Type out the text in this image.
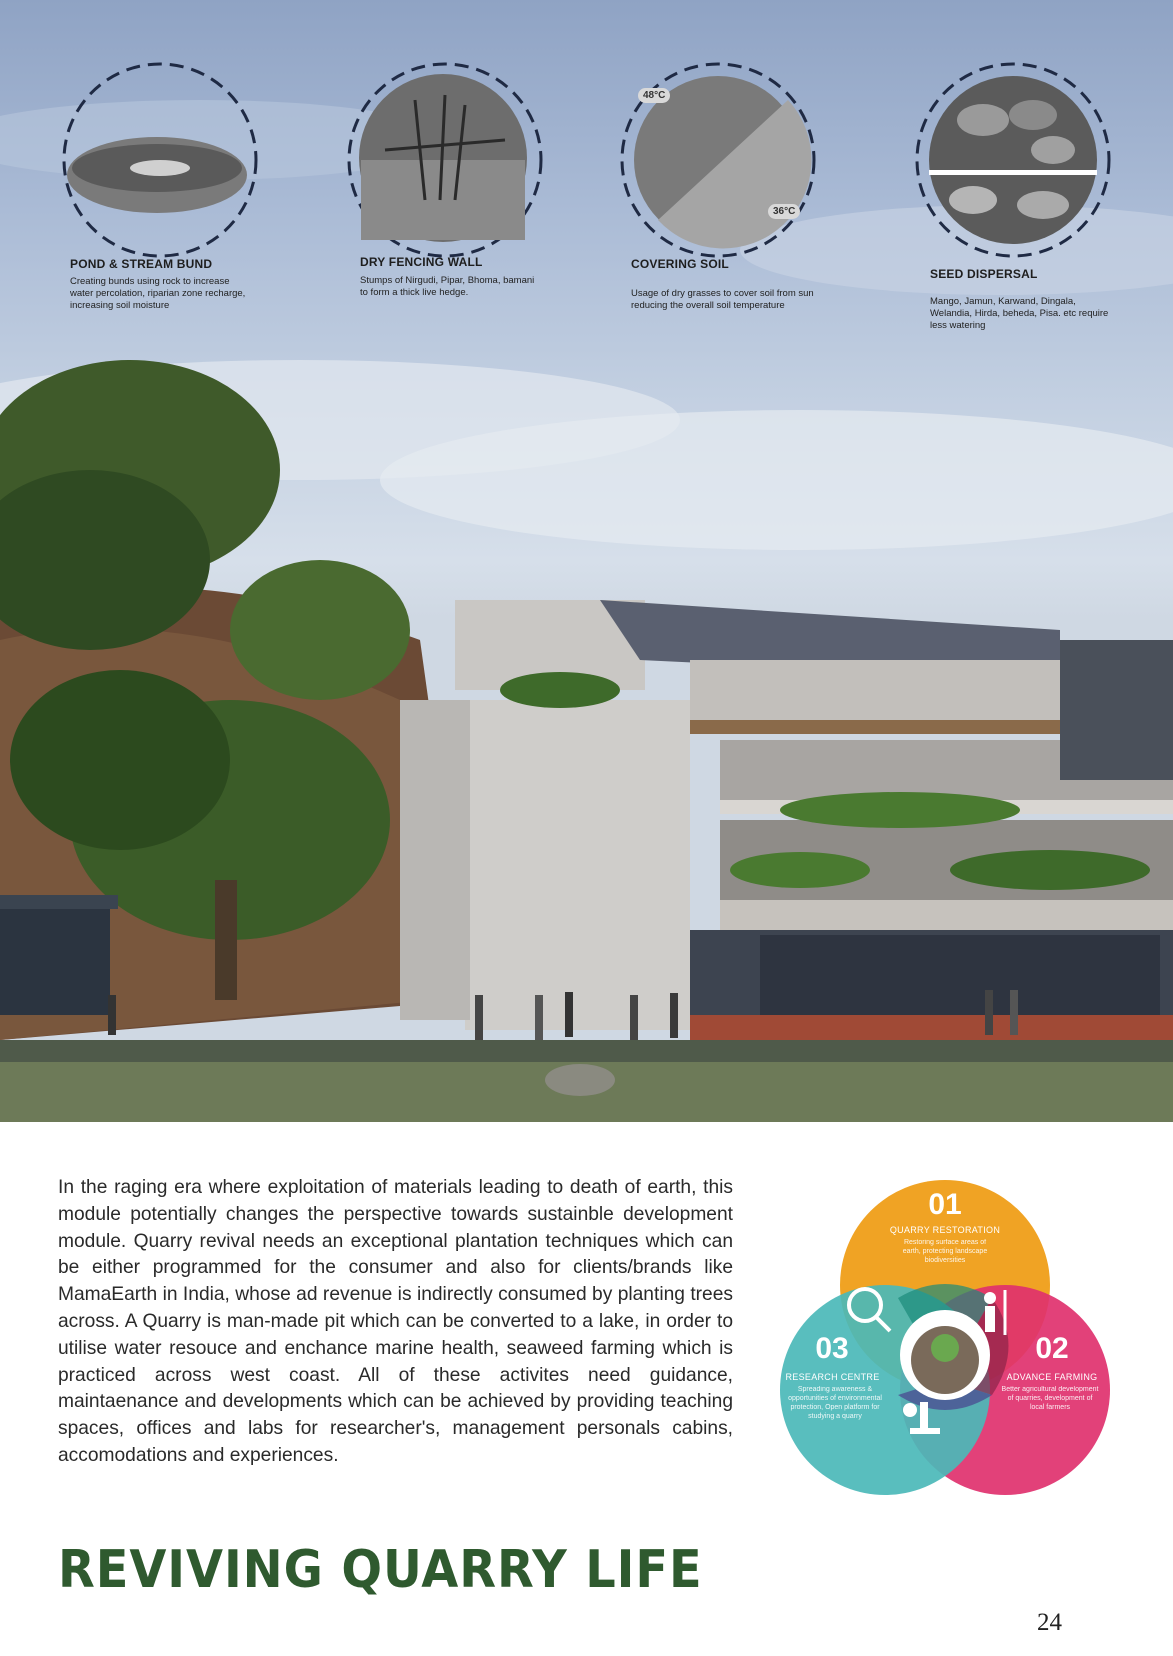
POND & STREAM BUND

Creating bunds using rock to increase water percolation, riparian zone recharge, increasing soil moisture

DRY FENCING WALL

Stumps of Nirgudi, Pipar, Bhoma, bamani to form a thick live hedge.

48°C
36°C
COVERING SOIL

Usage of dry grasses to cover soil from sun reducing the overall soil temperature

SEED DISPERSAL

Mango, Jamun, Karwand, Dingala, Welandia, Hirda, beheda, Pisa. etc require less watering

In the raging era where exploitation of materials leading to death of earth, this module potentially changes the perspective towards sustainble development module. Quarry revival needs an exceptional plantation techniques which can be either programmed for the consumer and also for clients/brands like MamaEarth in India, whose ad revenue is indirectly consumed by planting trees across. A Quarry is man-made pit which can be converted to a lake, in order to utilise water resouce and enchance marine health, seaweed farming which is practiced across west coast. All of these activites need guidance, maintaenance and developments which can be achieved by providing teaching spaces, offices and labs for researcher's, management personals cabins, accomodations and experiences.

01
QUARRY RESTORATION
Restoring surface areas of earth, protecting landscape biodiversities
02
ADVANCE FARMING
Better agricultural development of quarries, development of local farmers
03
RESEARCH CENTRE
Spreading awareness & opportunities of environmental protection, Open platform for studying a quarry
REVIVING QUARRY LIFE
24
